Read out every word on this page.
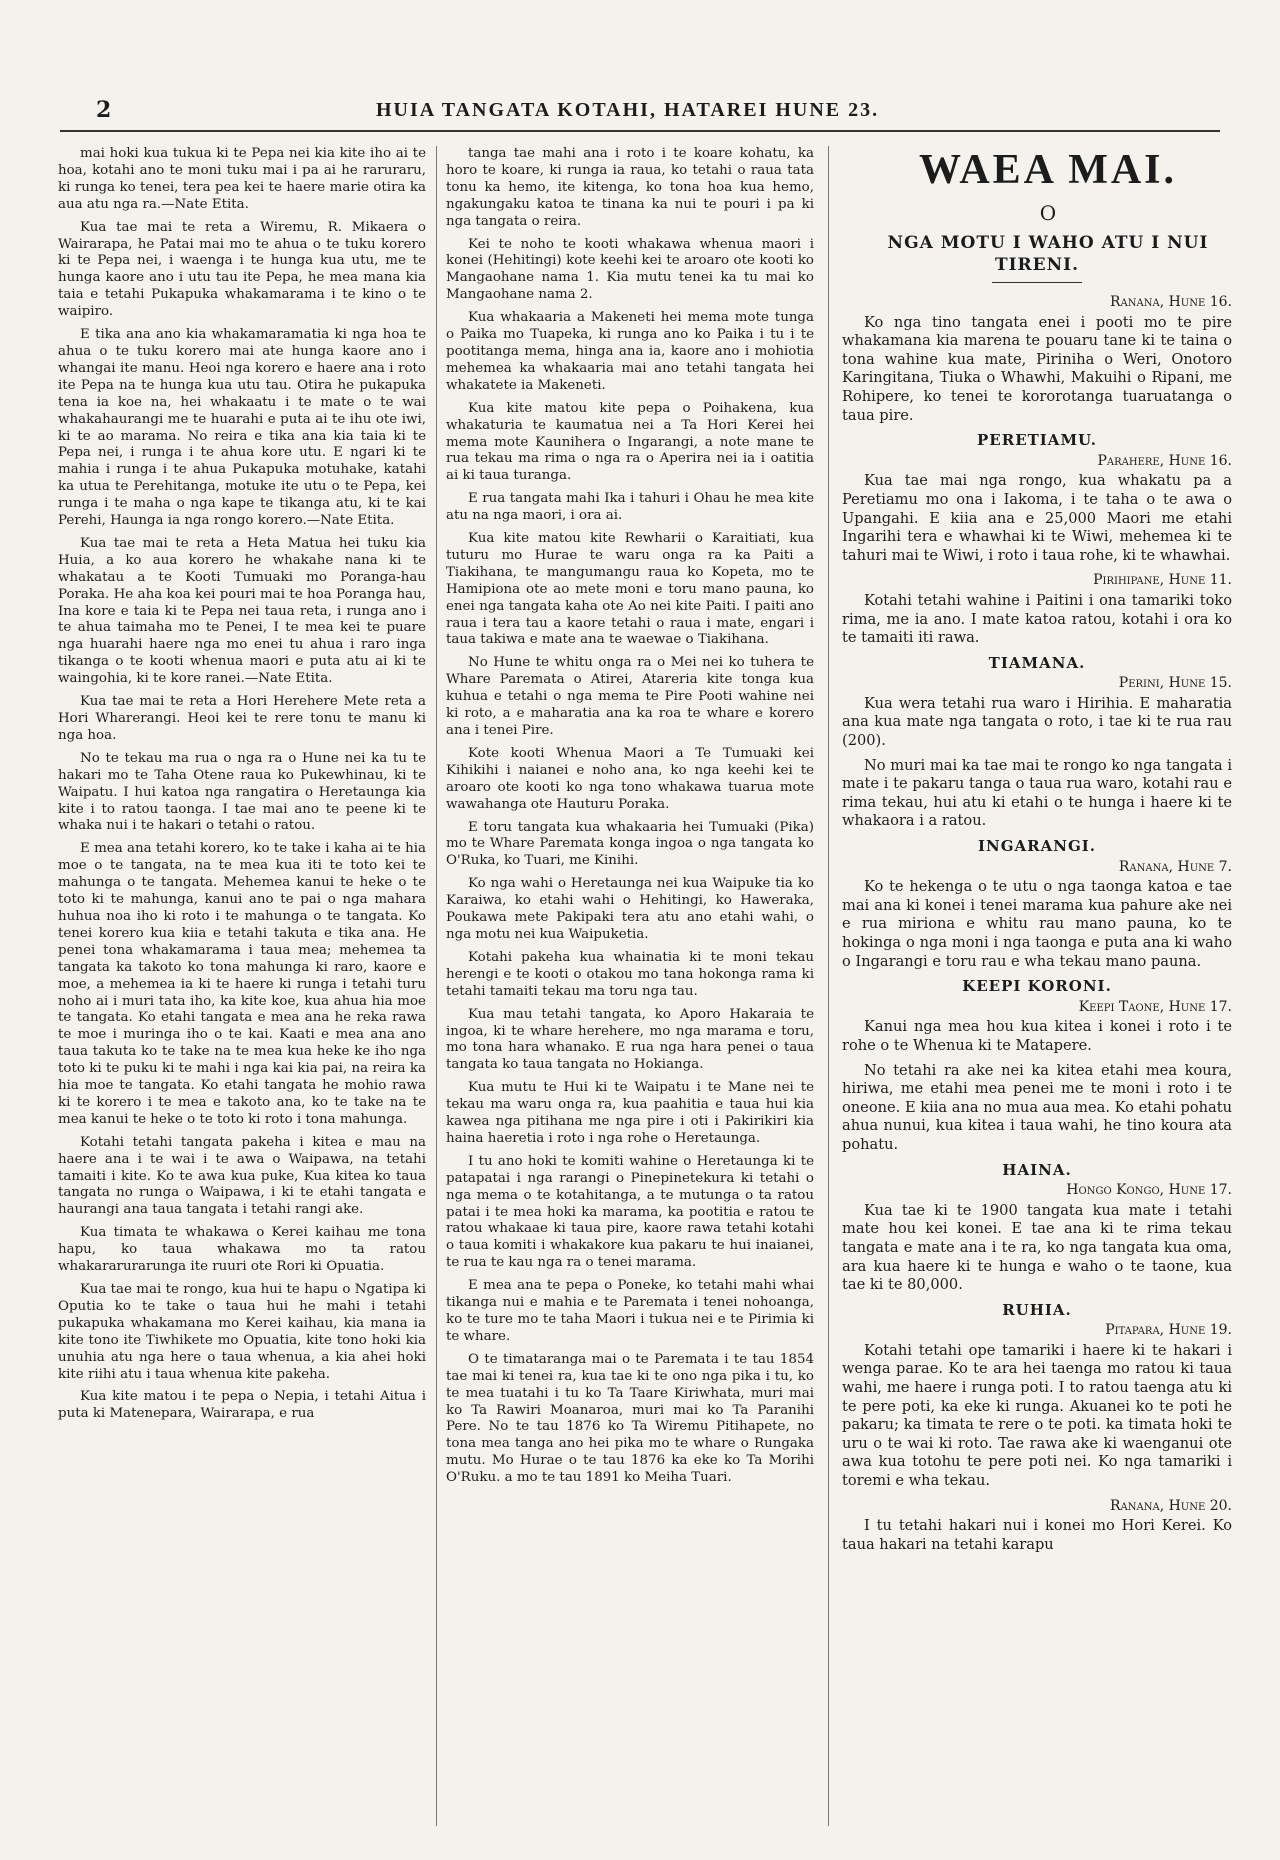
2	HUIA TANGATA KOTAHI, HATAREI HUNE 23.

mai hoki kua tukua ki te Pepa nei kia kite iho ai te hoa, kotahi ano te moni tuku mai i pa ai he raruraru, ki runga ko tenei, tera pea kei te haere marie otira ka aua atu nga ra.—Nate Etita.

Kua tae mai te reta a Wiremu, R. Mikaera o Wairarapa, he Patai mai mo te ahua o te tuku korero ki te Pepa nei, i waenga i te hunga kua utu, me te hunga kaore ano i utu tau ite Pepa, he mea mana kia taia e tetahi Pukapuka whakamarama i te kino o te waipiro.

E tika ana ano kia whakamaramatia ki nga hoa te ahua o te tuku korero mai ate hunga kaore ano i whangai ite manu. Heoi nga korero e haere ana i roto ite Pepa na te hunga kua utu tau. Otira he pukapuka tena ia koe na, hei whakaatu i te mate o te wai whakahaurangi me te huarahi e puta ai te ihu ote iwi, ki te ao marama. No reira e tika ana kia taia ki te Pepa nei, i runga i te ahua kore utu. E ngari ki te mahia i runga i te ahua Pukapuka motuhake, katahi ka utua te Perehitanga, motuke ite utu o te Pepa, kei runga i te maha o nga kape te tikanga atu, ki te kai Perehi, Haunga ia nga rongo korero.—Nate Etita.

Kua tae mai te reta a Heta Matua hei tuku kia Huia, a ko aua korero he whakahe nana ki te whakatau a te Kooti Tumuaki mo Poranga-hau Poraka. He aha koa kei pouri mai te hoa Poranga hau, Ina kore e taia ki te Pepa nei taua reta, i runga ano i te ahua taimaha mo te Penei, I te mea kei te puare nga huarahi haere nga mo enei tu ahua i raro inga tikanga o te kooti whenua maori e puta atu ai ki te waingohia, ki te kore ranei.—Nate Etita.

Kua tae mai te reta a Hori Herehere Mete reta a Hori Wharerangi. Heoi kei te rere tonu te manu ki nga hoa.

No te tekau ma rua o nga ra o Hune nei ka tu te hakari mo te Taha Otene raua ko Pukewhinau, ki te Waipatu. I hui katoa nga rangatira o Heretaunga kia kite i to ratou taonga. I tae mai ano te peene ki te whaka nui i te hakari o tetahi o ratou.

E mea ana tetahi korero, ko te take i kaha ai te hia moe o te tangata, na te mea kua iti te toto kei te mahunga o te tangata. Mehemea kanui te heke o te toto ki te mahunga, kanui ano te pai o nga mahara huhua noa iho ki roto i te mahunga o te tangata. Ko tenei korero kua kiia e tetahi takuta e tika ana. He penei tona whakamarama i taua mea; mehemea ta tangata ka takoto ko tona mahunga ki raro, kaore e moe, a mehemea ia ki te haere ki runga i tetahi turu noho ai i muri tata iho, ka kite koe, kua ahua hia moe te tangata. Ko etahi tangata e mea ana he reka rawa te moe i muringa iho o te kai. Kaati e mea ana ano taua takuta ko te take na te mea kua heke ke iho nga toto ki te puku ki te mahi i nga kai kia pai, na reira ka hia moe te tangata. Ko etahi tangata he mohio rawa ki te korero i te mea e takoto ana, ko te take na te mea kanui te heke o te toto ki roto i tona mahunga.

Kotahi tetahi tangata pakeha i kitea e mau na haere ana i te wai i te awa o Waipawa, na tetahi tamaiti i kite. Ko te awa kua puke, Kua kitea ko taua tangata no runga o Waipawa, i ki te etahi tangata e haurangi ana taua tangata i tetahi rangi ake.

Kua timata te whakawa o Kerei kaihau me tona hapu, ko taua whakawa mo ta ratou whakararurarunga ite ruuri ote Rori ki Opuatia.

Kua tae mai te rongo, kua hui te hapu o Ngatipa ki Oputia ko te take o taua hui he mahi i tetahi pukapuka whakamana mo Kerei kaihau, kia mana ia kite tono ite Tiwhikete mo Opuatia, kite tono hoki kia unuhia atu nga here o taua whenua, a kia ahei hoki kite riihi atu i taua whenua kite pakeha.

Kua kite matou i te pepa o Nepia, i tetahi Aitua i puta ki Matenepara, Wairarapa, e rua

tanga tae mahi ana i roto i te koare kohatu, ka horo te koare, ki runga ia raua, ko tetahi o raua tata tonu ka hemo, ite kitenga, ko tona hoa kua hemo, ngakungaku katoa te tinana ka nui te pouri i pa ki nga tangata o reira.

Kei te noho te kooti whakawa whenua maori i konei (Hehitingi) kote keehi kei te aroaro ote kooti ko Mangaohane nama 1. Kia mutu tenei ka tu mai ko Mangaohane nama 2.

Kua whakaaria a Makeneti hei mema mote tunga o Paika mo Tuapeka, ki runga ano ko Paika i tu i te pootitanga mema, hinga ana ia, kaore ano i mohiotia mehemea ka whakaaria mai ano tetahi tangata hei whakatete ia Makeneti.

Kua kite matou kite pepa o Poihakena, kua whakaturia te kaumatua nei a Ta Hori Kerei hei mema mote Kaunihera o Ingarangi, a note mane te rua tekau ma rima o nga ra o Aperira nei ia i oatitia ai ki taua turanga.

E rua tangata mahi Ika i tahuri i Ohau he mea kite atu na nga maori, i ora ai.

Kua kite matou kite Rewharii o Karaitiati, kua tuturu mo Hurae te waru onga ra ka Paiti a Tiakihana, te mangumangu raua ko Kopeta, mo te Hamipiona ote ao mete moni e toru mano pauna, ko enei nga tangata kaha ote Ao nei kite Paiti. I paiti ano raua i tera tau a kaore tetahi o raua i mate, engari i taua takiwa e mate ana te waewae o Tiakihana.

No Hune te whitu onga ra o Mei nei ko tuhera te Whare Paremata o Atirei, Atareria kite tonga kua kuhua e tetahi o nga mema te Pire Pooti wahine nei ki roto, a e maharatia ana ka roa te whare e korero ana i tenei Pire.

Kote kooti Whenua Maori a Te Tumuaki kei Kihikihi i naianei e noho ana, ko nga keehi kei te aroaro ote kooti ko nga tono whakawa tuarua mote wawahanga ote Hauturu Poraka.

E toru tangata kua whakaaria hei Tumuaki (Pika) mo te Whare Paremata konga ingoa o nga tangata ko O'Ruka, ko Tuari, me Kinihi.

Ko nga wahi o Heretaunga nei kua Waipuke tia ko Karaiwa, ko etahi wahi o Hehitingi, ko Haweraka, Poukawa mete Pakipaki tera atu ano etahi wahi, o nga motu nei kua Waipuketia.

Kotahi pakeha kua whainatia ki te moni tekau herengi e te kooti o otakou mo tana hokonga rama ki tetahi tamaiti tekau ma toru nga tau.

Kua mau tetahi tangata, ko Aporo Hakaraia te ingoa, ki te whare herehere, mo nga marama e toru, mo tona hara whanako. E rua nga hara penei o taua tangata ko taua tangata no Hokianga.

Kua mutu te Hui ki te Waipatu i te Mane nei te tekau ma waru onga ra, kua paahitia e taua hui kia kawea nga pitihana me nga pire i oti i Pakirikiri kia haina haeretia i roto i nga rohe o Heretaunga.

I tu ano hoki te komiti wahine o Heretaunga ki te patapatai i nga rarangi o Pinepinetekura ki tetahi o nga mema o te kotahitanga, a te mutunga o ta ratou patai i te mea hoki ka marama, ka pootitia e ratou te ratou whakaae ki taua pire, kaore rawa tetahi kotahi o taua komiti i whakakore kua pakaru te hui inaianei, te rua te kau nga ra o tenei marama.

E mea ana te pepa o Poneke, ko tetahi mahi whai tikanga nui e mahia e te Paremata i tenei nohoanga, ko te ture mo te taha Maori i tukua nei e te Pirimia ki te whare.

O te timataranga mai o te Paremata i te tau 1854 tae mai ki tenei ra, kua tae ki te ono nga pika i tu, ko te mea tuatahi i tu ko Ta Taare Kiriwhata, muri mai ko Ta Rawiri Moanaroa, muri mai ko Ta Paranihi Pere. No te tau 1876 ko Ta Wiremu Pitihapete, no tona mea tanga ano hei pika mo te whare o Rungaka mutu. Mo Hurae o te tau 1876 ka eke ko Ta Morihi O'Ruku. a mo te tau 1891 ko Meiha Tuari.

WAEA MAI.

O

NGA MOTU I WAHO ATU I NUI TIRENI.

Ranana, Hune 16.

Ko nga tino tangata enei i pooti mo te pire whakamana kia marena te pouaru tane ki te taina o tona wahine kua mate, Piriniha o Weri, Onotoro Karingitana, Tiuka o Whawhi, Makuihi o Ripani, me Rohipere, ko tenei te kororotanga tuaruatanga o taua pire.

PERETIAMU.
Parahere, Hune 16.

Kua tae mai nga rongo, kua whakatu pa a Peretiamu mo ona i Iakoma, i te taha o te awa o Upangahi. E kiia ana e 25,000 Maori me etahi Ingarihi tera e whawhai ki te Wiwi, mehemea ki te tahuri mai te Wiwi, i roto i taua rohe, ki te whawhai.

Pirihipane, Hune 11.

Kotahi tetahi wahine i Paitini i ona tamariki toko rima, me ia ano. I mate katoa ratou, kotahi i ora ko te tamaiti iti rawa.

TIAMANA.
Perini, Hune 15.

Kua wera tetahi rua waro i Hirihia. E maharatia ana kua mate nga tangata o roto, i tae ki te rua rau (200).

No muri mai ka tae mai te rongo ko nga tangata i mate i te pakaru tanga o taua rua waro, kotahi rau e rima tekau, hui atu ki etahi o te hunga i haere ki te whakaora i a ratou.

INGARANGI.
Ranana, Hune 7.

Ko te hekenga o te utu o nga taonga katoa e tae mai ana ki konei i tenei marama kua pahure ake nei e rua miriona e whitu rau mano pauna, ko te hokinga o nga moni i nga taonga e puta ana ki waho o Ingarangi e toru rau e wha tekau mano pauna.

KEEPI KORONI.
Keepi Taone, Hune 17.

Kanui nga mea hou kua kitea i konei i roto i te rohe o te Whenua ki te Matapere.

No tetahi ra ake nei ka kitea etahi mea koura, hiriwa, me etahi mea penei me te moni i roto i te oneone. E kiia ana no mua aua mea. Ko etahi pohatu ahua nunui, kua kitea i taua wahi, he tino koura ata pohatu.

HAINA.
Hongo Kongo, Hune 17.

Kua tae ki te 1900 tangata kua mate i tetahi mate hou kei konei. E tae ana ki te rima tekau tangata e mate ana i te ra, ko nga tangata kua oma, ara kua haere ki te hunga e waho o te taone, kua tae ki te 80,000.

RUHIA.
Pitapara, Hune 19.

Kotahi tetahi ope tamariki i haere ki te hakari i wenga parae. Ko te ara hei taenga mo ratou ki taua wahi, me haere i runga poti. I to ratou taenga atu ki te pere poti, ka eke ki runga. Akuanei ko te poti he pakaru; ka timata te rere o te poti. ka timata hoki te uru o te wai ki roto. Tae rawa ake ki waenganui ote awa kua totohu te pere poti nei. Ko nga tamariki i toremi e wha tekau.

Ranana, Hune 20.

I tu tetahi hakari nui i konei mo Hori Kerei. Ko taua hakari na tetahi karapu
